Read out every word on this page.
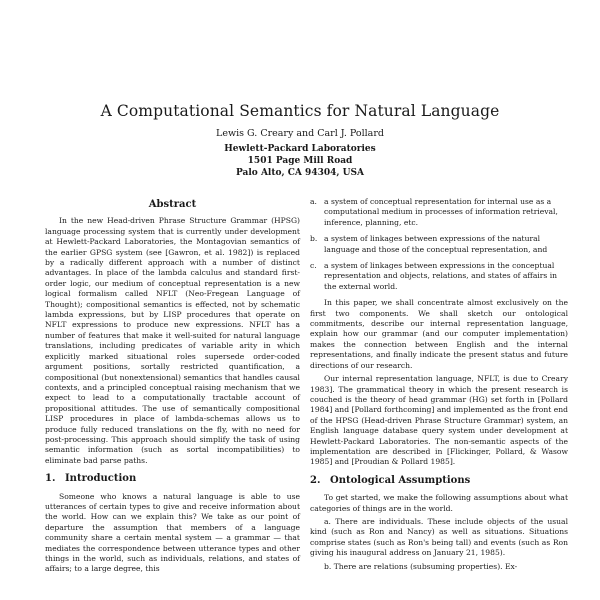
A Computational Semantics for Natural Language
Lewis G. Creary and Carl J. Pollard
Hewlett-Packard Laboratories
1501 Page Mill Road
Palo Alto, CA 94304, USA
Abstract

In the new Head-driven Phrase Structure Grammar (HPSG) language processing system that is currently under development at Hewlett-Packard Laboratories, the Montagovian semantics of the earlier GPSG system (see [Gawron, et al. 1982]) is replaced by a radically different approach with a number of distinct advantages. In place of the lambda calculus and standard first-order logic, our medium of conceptual representation is a new logical formalism called NFLT (Neo-Fregean Language of Thought); compositional semantics is effected, not by schematic lambda expressions, but by LISP procedures that operate on NFLT expressions to produce new expressions. NFLT has a number of features that make it well-suited for natural language translations, including predicates of variable arity in which explicitly marked situational roles supersede order-coded argument positions, sortally restricted quantification, a compositional (but nonextensional) semantics that handles causal contexts, and a principled conceptual raising mechanism that we expect to lead to a computationally tractable account of propositional attitudes. The use of semantically compositional LISP procedures in place of lambda-schemas allows us to produce fully reduced translations on the fly, with no need for post-processing. This approach should simplify the task of using semantic information (such as sortal incompatibilities) to eliminate bad parse paths.

1. Introduction

Someone who knows a natural language is able to use utterances of certain types to give and receive information about the world. How can we explain this? We take as our point of departure the assumption that members of a language community share a certain mental system — a grammar — that mediates the correspondence between utterance types and other things in the world, such as individuals, relations, and states of affairs; to a large degree, this

a. a system of conceptual representation for internal use as a computational medium in processes of information retrieval, inference, planning, etc.
b. a system of linkages between expressions of the natural language and those of the conceptual representation, and
c. a system of linkages between expressions in the conceptual representation and objects, relations, and states of affairs in the external world.

In this paper, we shall concentrate almost exclusively on the first two components. We shall sketch our ontological commitments, describe our internal representation language, explain how our grammar (and our computer implementation) makes the connection between English and the internal representations, and finally indicate the present status and future directions of our research.

Our internal representation language, NFLT, is due to Creary 1983]. The grammatical theory in which the present research is couched is the theory of head grammar (HG) set forth in [Pollard 1984] and [Pollard forthcoming] and implemented as the front end of the HPSG (Head-driven Phrase Structure Grammar) system, an English language database query system under development at Hewlett-Packard Laboratories. The non-semantic aspects of the implementation are described in [Flickinger, Pollard, & Wasow 1985] and [Proudian & Pollard 1985].

2. Ontological Assumptions

To get started, we make the following assumptions about what categories of things are in the world.

a. There are individuals. These include objects of the usual kind (such as Ron and Nancy) as well as situations. Situations comprise states (such as Ron's being tall) and events (such as Ron giving his inaugural address on January 21, 1985).

b. There are relations (subsuming properties). Ex-
